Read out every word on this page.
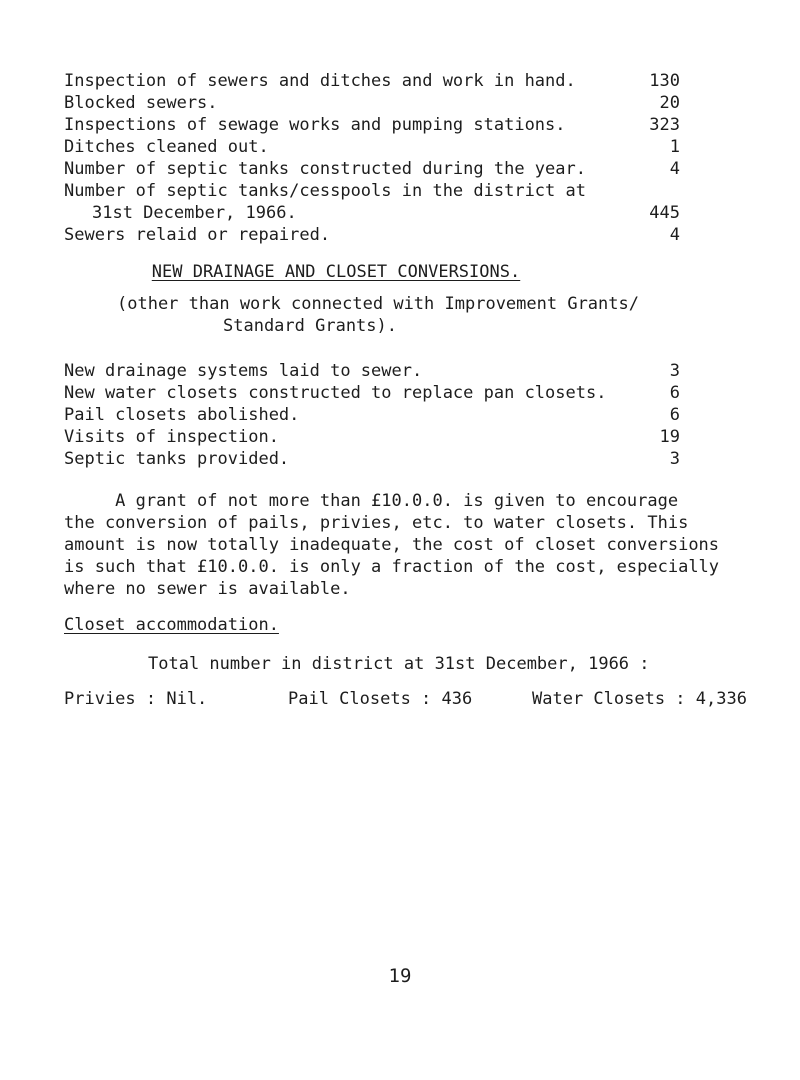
Inspection of sewers and ditches and work in hand.	130
Blocked sewers.	20
Inspections of sewage works and pumping stations.	323
Ditches cleaned out.	1
Number of septic tanks constructed during the year.	4
Number of septic tanks/cesspools in the district at
31st December, 1966.	445
Sewers relaid or repaired.	4
NEW DRAINAGE AND CLOSET CONVERSIONS.
(other than work connected with Improvement Grants/
Standard Grants).
New drainage systems laid to sewer.	3
New water closets constructed to replace pan closets.	6
Pail closets abolished.	6
Visits of inspection.	19
Septic tanks provided.	3
A grant of not more than £10.0.0. is given to encourage
the conversion of pails, privies, etc. to water closets. This
amount is now totally inadequate, the cost of closet conversions
is such that £10.0.0. is only a fraction of the cost, especially
where no sewer is available.
Closet accommodation.
Total number in district at 31st December, 1966 :
Privies : Nil.	Pail Closets : 436	Water Closets : 4,336
19
